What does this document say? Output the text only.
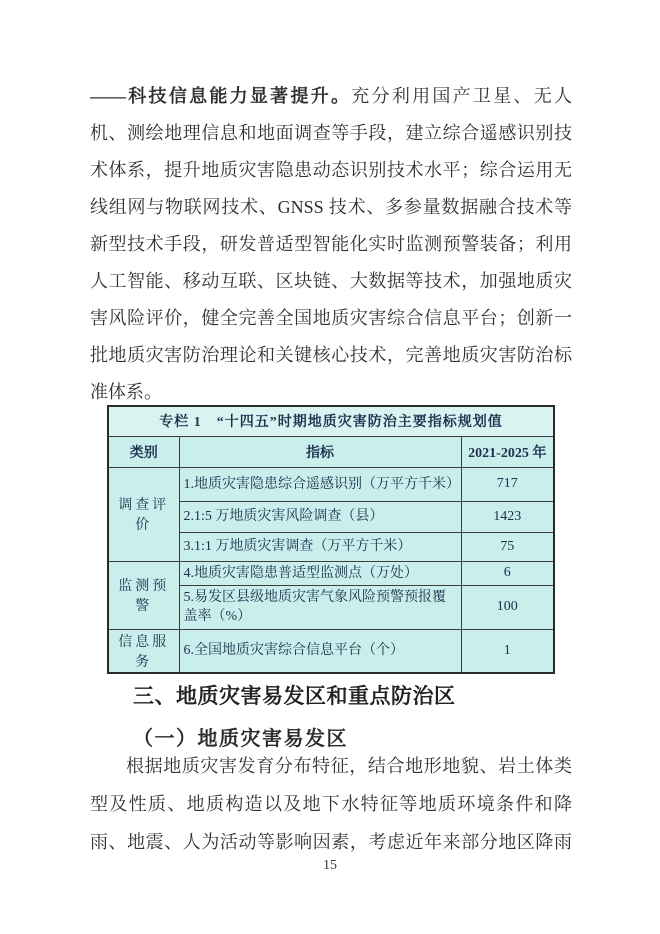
——科技信息能力显著提升。充分利用国产卫星、无人
机、测绘地理信息和地面调查等手段，建立综合遥感识别技
术体系，提升地质灾害隐患动态识别技术水平；综合运用无
线组网与物联网技术、GNSS 技术、多参量数据融合技术等
新型技术手段，研发普适型智能化实时监测预警装备；利用
人工智能、移动互联、区块链、大数据等技术，加强地质灾
害风险评价，健全完善全国地质灾害综合信息平台；创新一
批地质灾害防治理论和关键核心技术，完善地质灾害防治标
准体系。
专栏 1　“十四五”时期地质灾害防治主要指标规划值		
类别	指标	2021-2025 年
调查评价	1.地质灾害隐患综合遥感识别（万平方千米）	717
	2.1:5 万地质灾害风险调查（县）	1423
	3.1:1 万地质灾害调查（万平方千米）	75
监测预警	4.地质灾害隐患普适型监测点（万处）	6
	5.易发区县级地质灾害气象风险预警预报覆盖率（%）	100
信息服务	6.全国地质灾害综合信息平台（个）	1
三、地质灾害易发区和重点防治区
（一）地质灾害易发区
根据地质灾害发育分布特征，结合地形地貌、岩土体类
型及性质、地质构造以及地下水特征等地质环境条件和降
雨、地震、人为活动等影响因素，考虑近年来部分地区降雨
15
